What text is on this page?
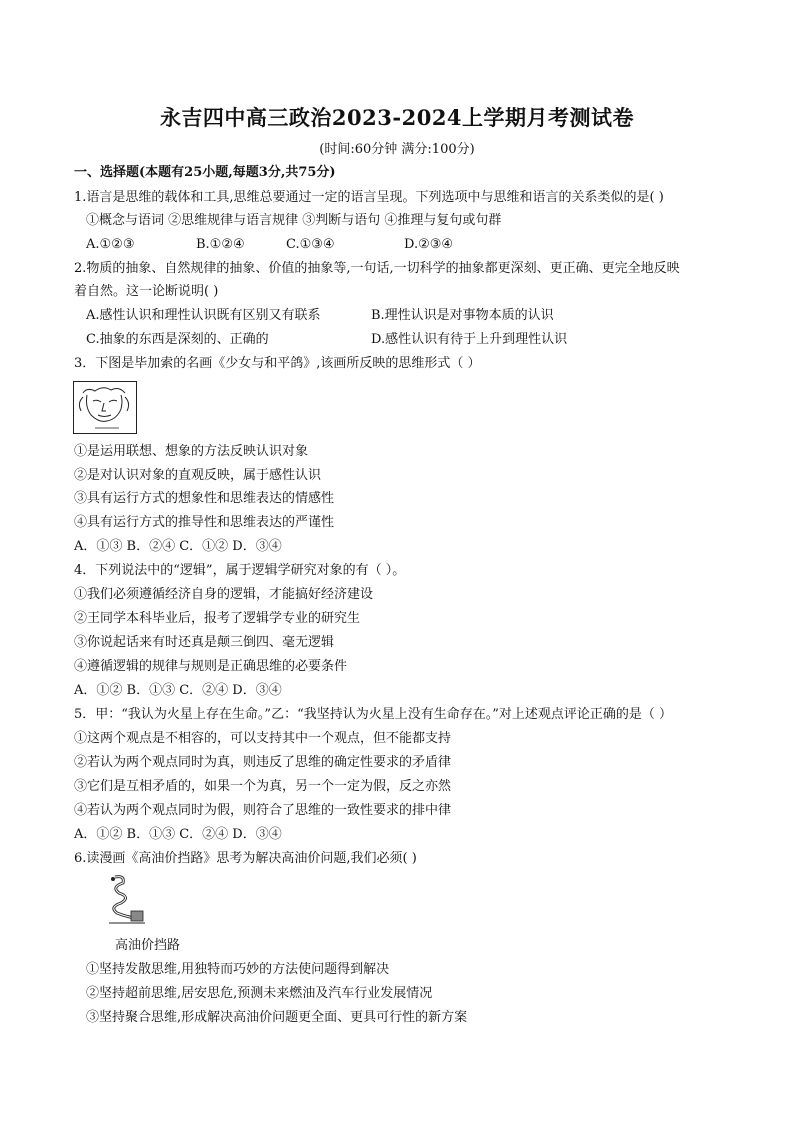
永吉四中高三政治2023-2024上学期月考测试卷
(时间:60分钟 满分:100分)
一、选择题(本题有25小题,每题3分,共75分)
1.语言是思维的载体和工具,思维总要通过一定的语言呈现。下列选项中与思维和语言的关系类似的是( )
①概念与语词 ②思维规律与语言规律 ③判断与语句 ④推理与复句或句群
A.①②③	B.①②④	C.①③④	D.②③④
2.物质的抽象、自然规律的抽象、价值的抽象等,一句话,一切科学的抽象都更深刻、更正确、更完全地反映
着自然。这一论断说明( )
A.感性认识和理性认识既有区别又有联系	B.理性认识是对事物本质的认识
C.抽象的东西是深刻的、正确的	D.感性认识有待于上升到理性认识
3．下图是毕加索的名画《少女与和平鸽》,该画所反映的思维形式（ ）
①是运用联想、想象的方法反映认识对象
②是对认识对象的直观反映，属于感性认识
③具有运行方式的想象性和思维表达的情感性
④具有运行方式的推导性和思维表达的严谨性
A．①③ B．②④ C．①② D．③④
4．下列说法中的“逻辑”，属于逻辑学研究对象的有（ ）。
①我们必须遵循经济自身的逻辑，才能搞好经济建设
②王同学本科毕业后，报考了逻辑学专业的研究生
③你说起话来有时还真是颠三倒四、毫无逻辑
④遵循逻辑的规律与规则是正确思维的必要条件
A．①② B．①③ C．②④ D．③④
5．甲：“我认为火星上存在生命。”乙：“我坚持认为火星上没有生命存在。”对上述观点评论正确的是（ ）
①这两个观点是不相容的，可以支持其中一个观点，但不能都支持
②若认为两个观点同时为真，则违反了思维的确定性要求的矛盾律
③它们是互相矛盾的，如果一个为真，另一个一定为假，反之亦然
④若认为两个观点同时为假，则符合了思维的一致性要求的排中律
A．①② B．①③ C．②④ D．③④
6.读漫画《高油价挡路》思考为解决高油价问题,我们必须( )
高油价挡路
①坚持发散思维,用独特而巧妙的方法使问题得到解决
②坚持超前思维,居安思危,预测未来燃油及汽车行业发展情况
③坚持聚合思维,形成解决高油价问题更全面、更具可行性的新方案
